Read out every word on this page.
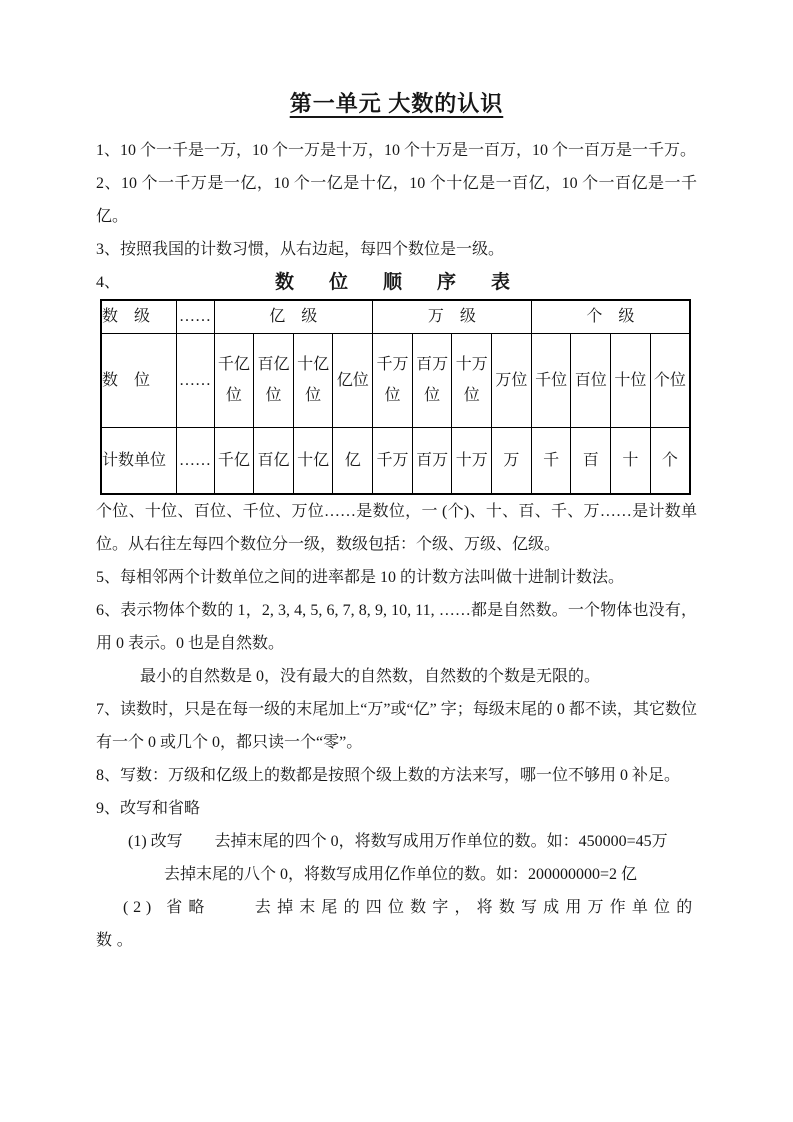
第一单元 大数的认识

1、10 个一千是一万，10 个一万是十万，10 个十万是一百万，10 个一百万是一千万。

2、10 个一千万是一亿，10 个一亿是十亿，10 个十亿是一百亿，10 个一百亿是一千亿。

3、按照我国的计数习惯，从右边起，每四个数位是一级。

4、	数　位　顺　序　表
数　级	……	亿　级				万　级				个　级			
数　位	……	千亿位	百亿位	十亿位	亿位	千万位	百万位	十万位	万位	千位	百位	十位	个位
计数单位	……	千亿	百亿	十亿	亿	千万	百万	十万	万	千	百	十	个

个位、十位、百位、千位、万位……是数位，一 (个)、十、百、千、万……是计数单位。从右往左每四个数位分一级，数级包括：个级、万级、亿级。

5、每相邻两个计数单位之间的进率都是 10 的计数方法叫做十进制计数法。

6、表示物体个数的 1，2, 3, 4, 5, 6, 7, 8, 9, 10, 11, ……都是自然数。一个物体也没有，用 0 表示。0 也是自然数。

最小的自然数是 0，没有最大的自然数，自然数的个数是无限的。

7、读数时，只是在每一级的末尾加上“万”或“亿” 字；每级末尾的 0 都不读，其它数位有一个 0 或几个 0，都只读一个“零”。

8、写数：万级和亿级上的数都是按照个级上数的方法来写，哪一位不够用 0 补足。

9、改写和省略

(1) 改写　　去掉末尾的四个 0，将数写成用万作单位的数。如：450000=45万

去掉末尾的八个 0，将数写成用亿作单位的数。如：200000000=2 亿

(2) 省略　　去掉末尾的四位数字，将数写成用万作单位的数。
